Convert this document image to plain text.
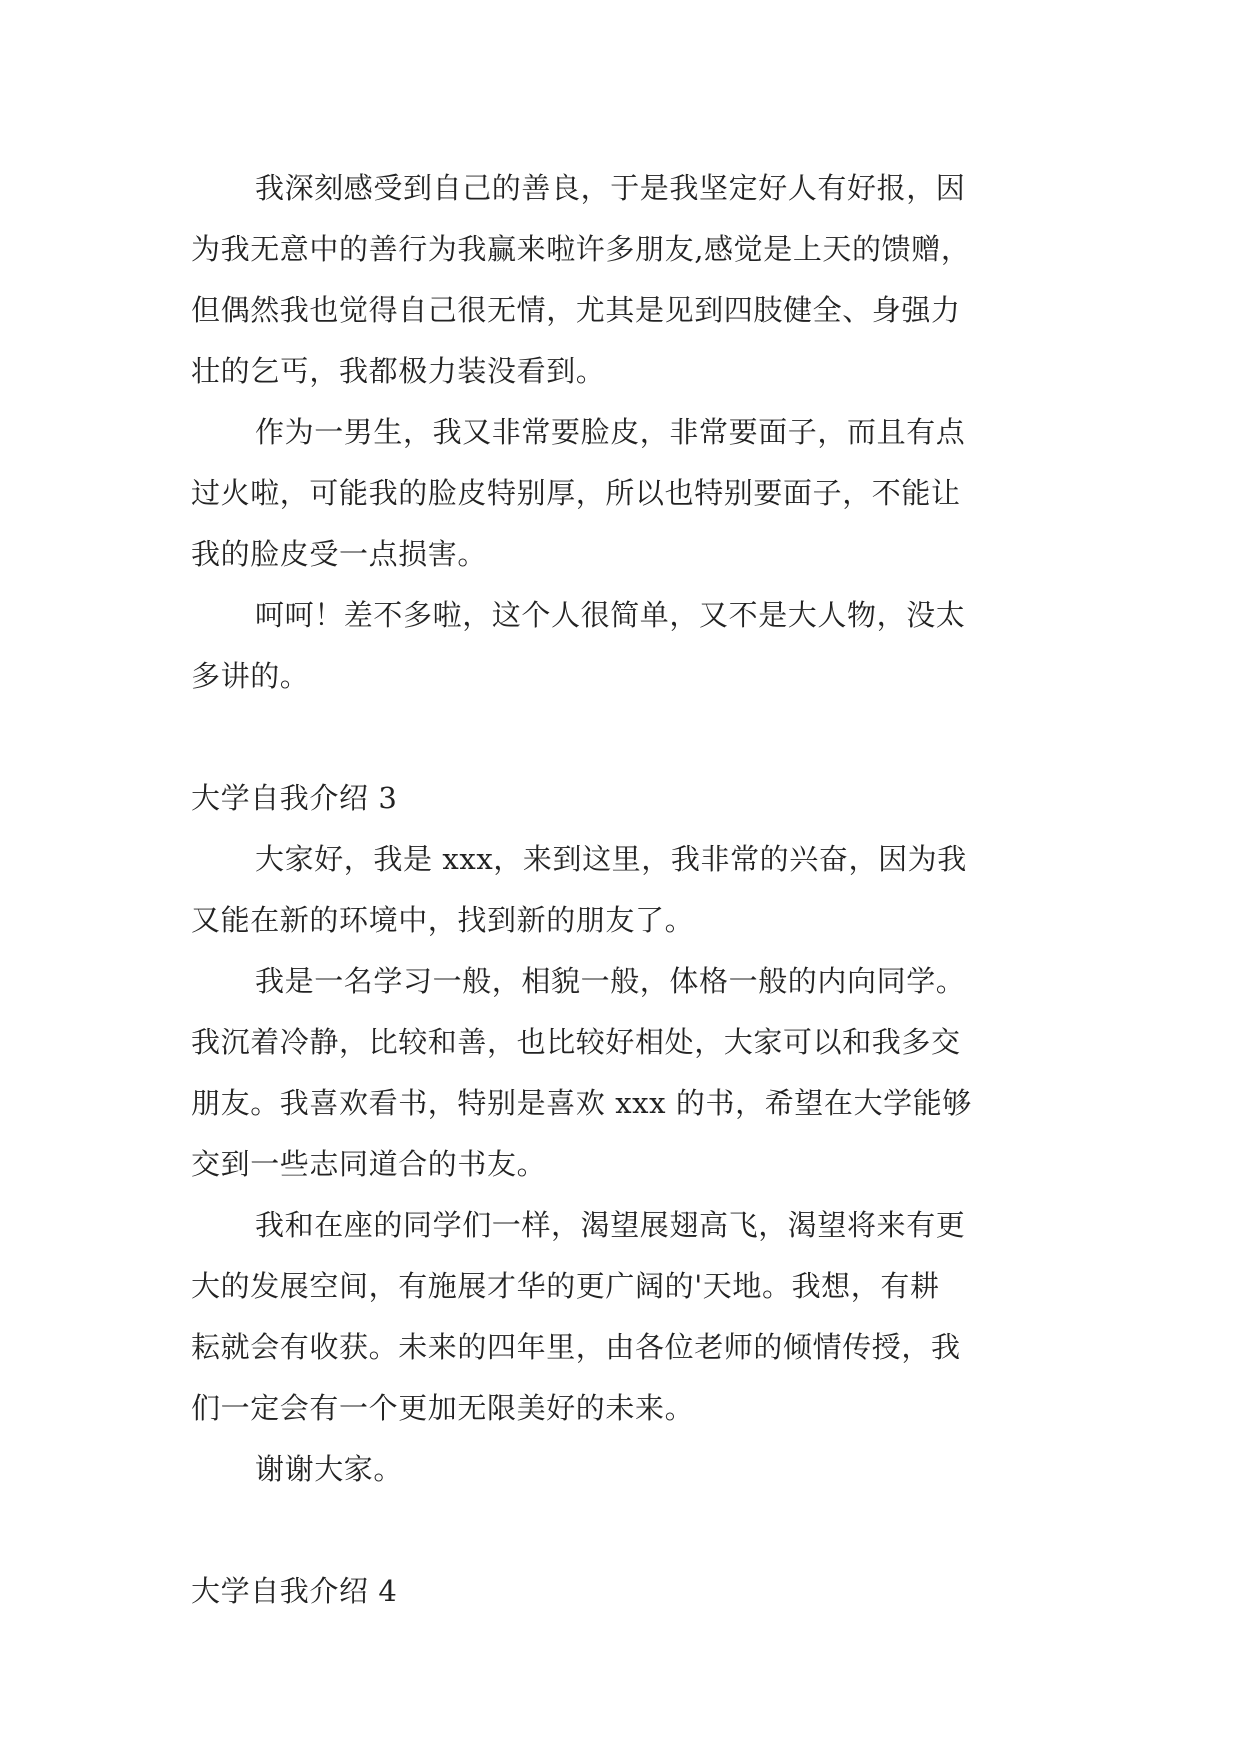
我深刻感受到自己的善良，于是我坚定好人有好报，因
为我无意中的善行为我赢来啦许多朋友,感觉是上天的馈赠，
但偶然我也觉得自己很无情，尤其是见到四肢健全、身强力
壮的乞丐，我都极力装没看到。
作为一男生，我又非常要脸皮，非常要面子，而且有点
过火啦，可能我的脸皮特别厚，所以也特别要面子，不能让
我的脸皮受一点损害。
呵呵！差不多啦，这个人很简单，又不是大人物，没太
多讲的。
大学自我介绍 3
大家好，我是 xxx，来到这里，我非常的兴奋，因为我
又能在新的环境中，找到新的朋友了。
我是一名学习一般，相貌一般，体格一般的内向同学。
我沉着冷静，比较和善，也比较好相处，大家可以和我多交
朋友。我喜欢看书，特别是喜欢 xxx 的书，希望在大学能够
交到一些志同道合的书友。
我和在座的同学们一样，渴望展翅高飞，渴望将来有更
大的发展空间，有施展才华的更广阔的'天地。我想，有耕
耘就会有收获。未来的四年里，由各位老师的倾情传授，我
们一定会有一个更加无限美好的未来。
谢谢大家。
大学自我介绍 4
